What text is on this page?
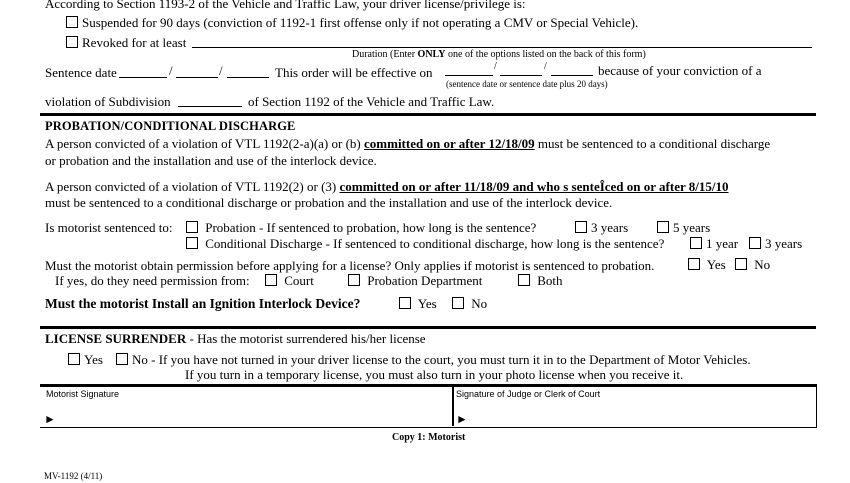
According to Section 1193-2 of the Vehicle and Traffic Law, your driver license/privilege is:
Suspended for 90 days (conviction of 1192-1 first offense only if not operating a CMV or Special Vehicle).
Revoked for at least
Duration (Enter ONLY one of the options listed on the back of this form)
Sentence date	/	/	This order will be effective on	/	/	because of your conviction of a
(sentence date or sentence date plus 20 days)
violation of Subdivision	of Section 1192 of the Vehicle and Traffic Law.
PROBATION/CONDITIONAL DISCHARGE
A person convicted of a violation of VTL 1192(2-a)(a) or (b) committed on or after 12/18/09 must be sentenced to a conditional discharge
or probation and the installation and use of the interlock device.
A person convicted of a violation of VTL 1192(2) or (3) committed on or after 11/18/09 and who s senteÎced on or after 8/15/10
must be sentenced to a conditional discharge or probation and the installation and use of the interlock device.
Is motorist sentenced to:	Probation - If sentenced to probation, how long is the sentence?	3 years	5 years
Conditional Discharge - If sentenced to conditional discharge, how long is the sentence?	1 year	3 years
Must the motorist obtain permission before applying for a license? Only applies if motorist is sentenced to probation.	Yes	No
If yes, do they need permission from:	Court	Probation Department	Both
Must the motorist Install an Ignition Interlock Device?	Yes	No
LICENSE SURRENDER - Has the motorist surrendered his/her license
Yes	No - If you have not turned in your driver license to the court, you must turn it in to the Department of Motor Vehicles.
If you turn in a temporary license, you must also turn in your photo license when you receive it.
Motorist Signature
►
Signature of Judge or Clerk of Court
►
Copy 1: Motorist
MV-1192 (4/11)
